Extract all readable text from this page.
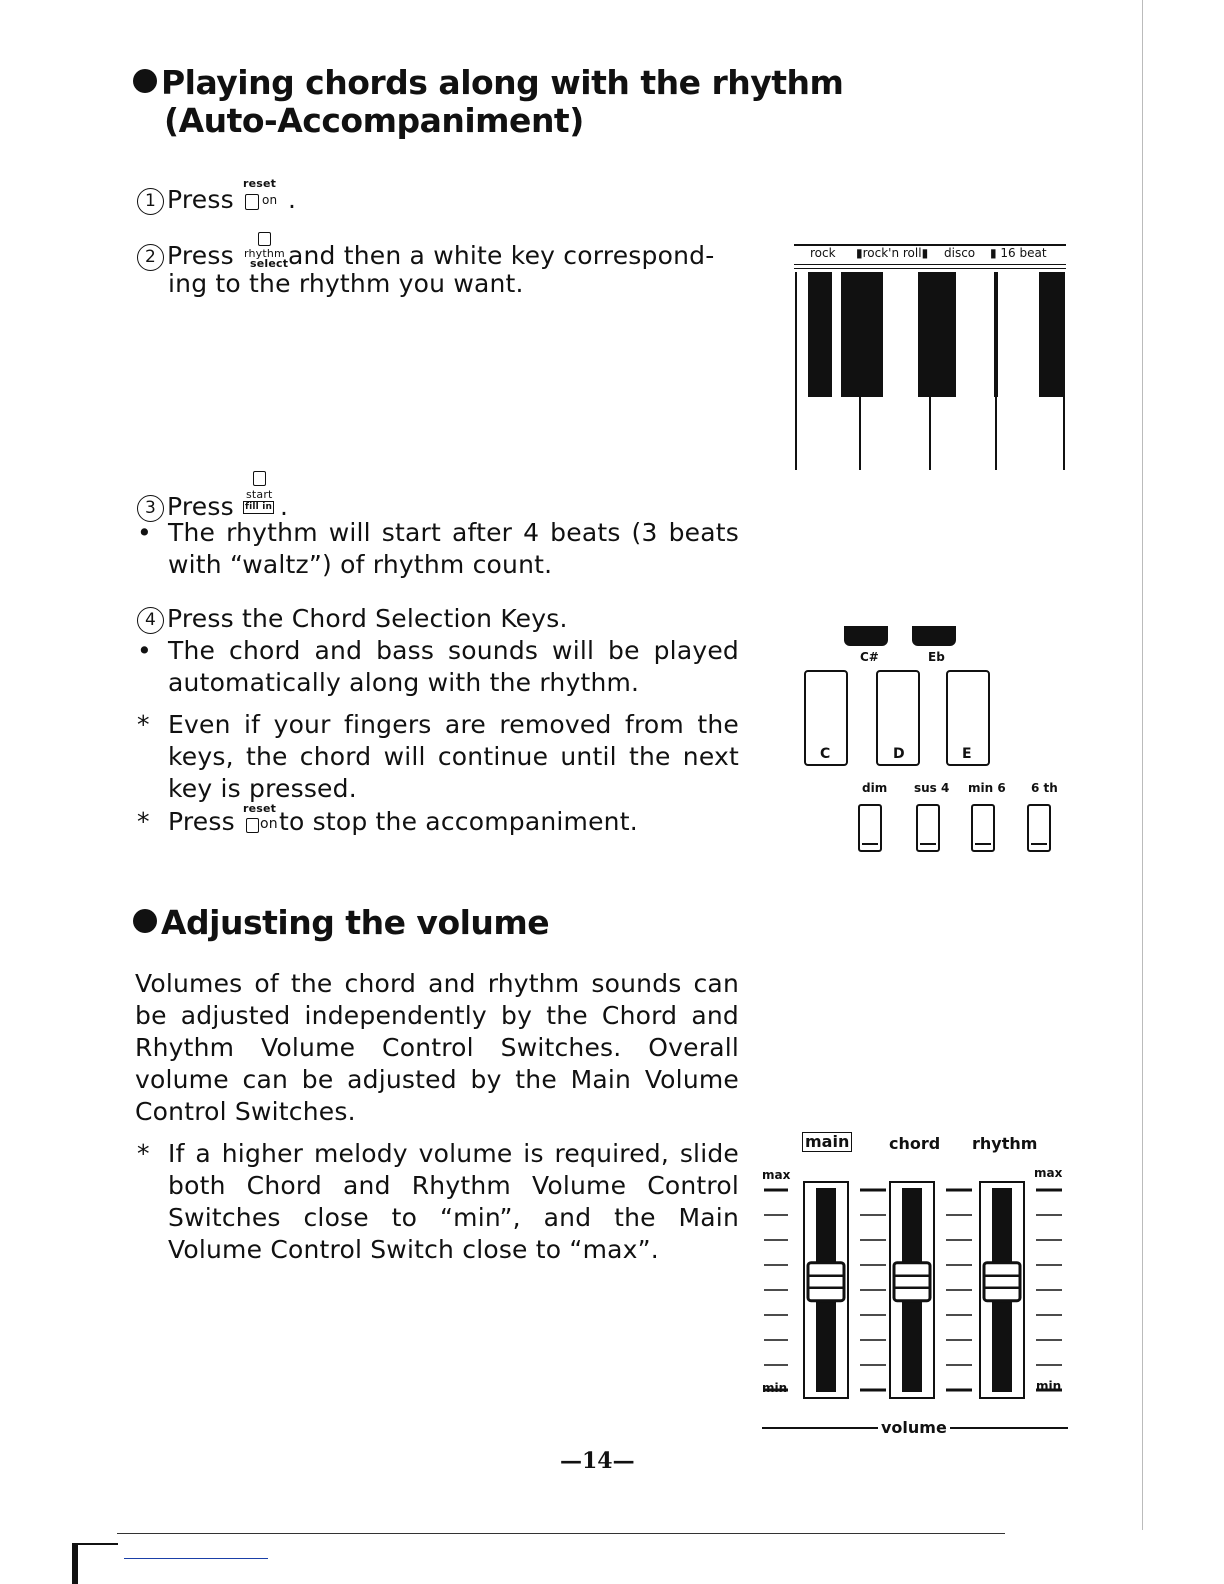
Playing chords along with the rhythm
(Auto-Accompaniment)
1 Press
reset
on .
2 Press rhythm
select and then a white key correspond-
ing to the rhythm you want.
3 Press start
fill in .
• The rhythm will start after 4 beats (3 beats
with “waltz”) of rhythm count.
4 Press the Chord Selection Keys.
• The chord and bass sounds will be played
automatically along with the rhythm.
* Even if your fingers are removed from the
keys, the chord will continue until the next
key is pressed.
* Press reset
on to stop the accompaniment.
rock ▮rock'n roll▮ disco ▮ 16 beat
C#	Eb
C	D	E
dim sus 4 min 6 6 th
Adjusting the volume
Volumes of the chord and rhythm sounds can
be adjusted independently by the Chord and
Rhythm Volume Control Switches. Overall
volume can be adjusted by the Main Volume
Control Switches.
* If a higher melody volume is required, slide
both Chord and Rhythm Volume Control
Switches close to “min”, and the Main
Volume Control Switch close to “max”.
main chord rhythm
max	max
min	min
volume
—14—
